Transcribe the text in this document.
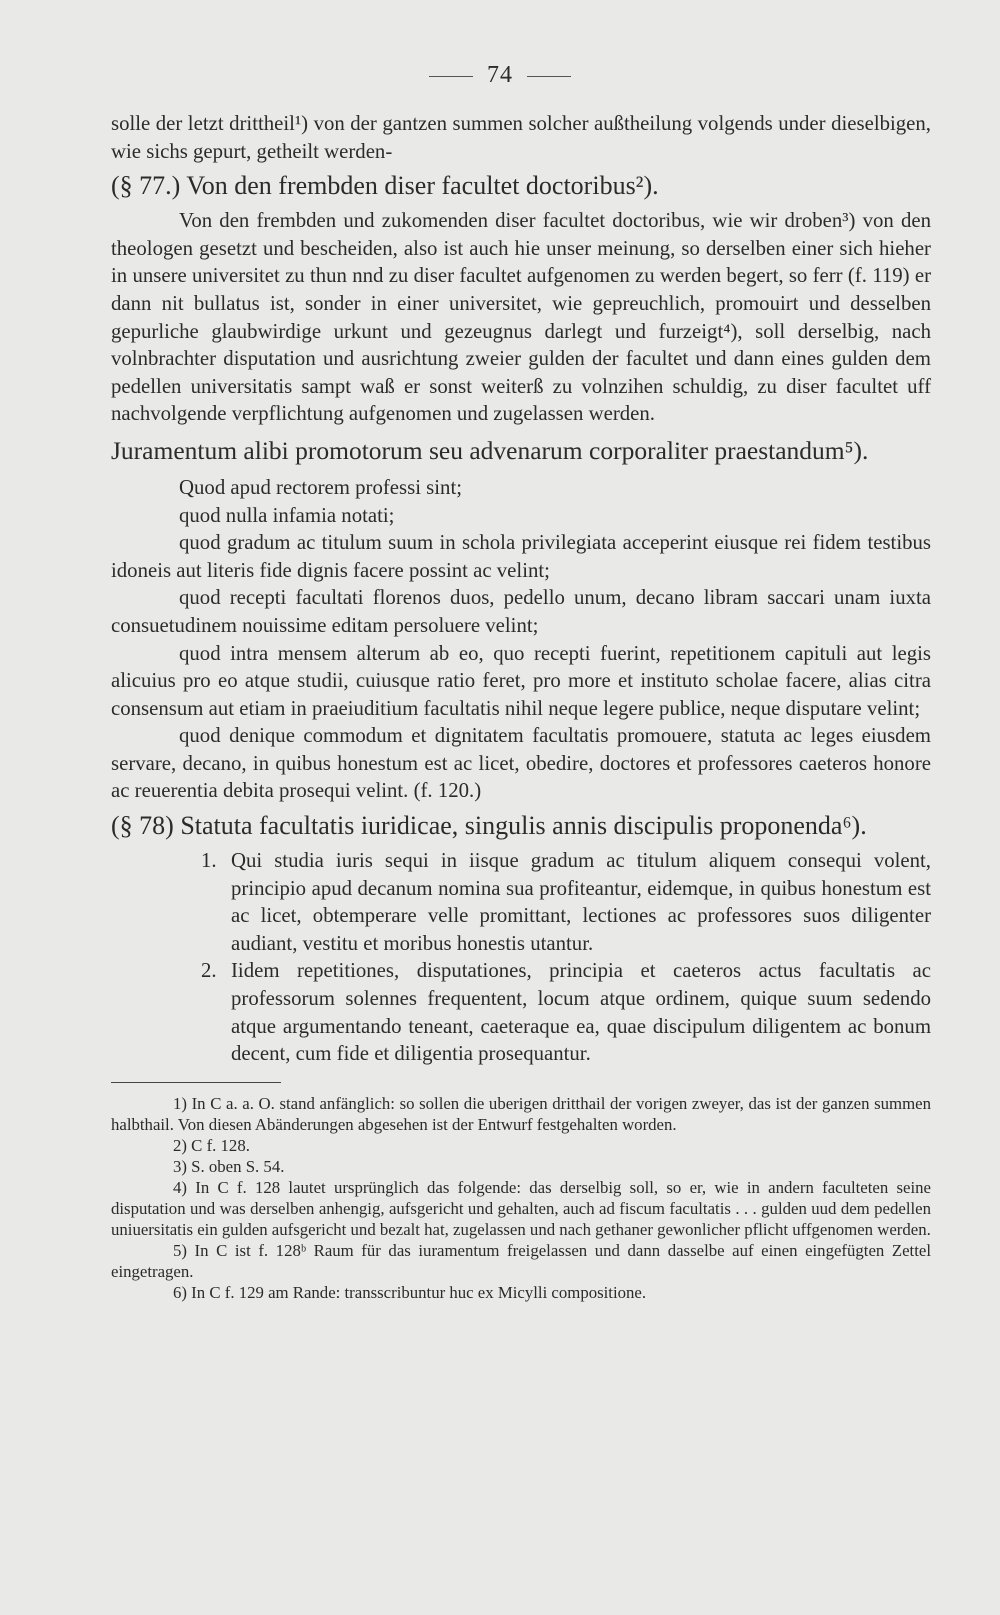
74

solle der letzt drittheil¹) von der gantzen summen solcher außtheilung volgends under dieselbigen, wie sichs gepurt, getheilt werden-

(§ 77.) Von den frembden diser facultet doctoribus²).

Von den frembden und zukomenden diser facultet doctoribus, wie wir droben³) von den theologen gesetzt und bescheiden, also ist auch hie unser meinung, so derselben einer sich hieher in unsere universitet zu thun nnd zu diser facultet aufgenomen zu werden begert, so ferr (f. 119) er dann nit bullatus ist, sonder in einer universitet, wie gepreuchlich, promouirt und desselben gepurliche glaubwirdige urkunt und gezeugnus darlegt und furzeigt⁴), soll derselbig, nach volnbrachter disputation und ausrichtung zweier gulden der facultet und dann eines gulden dem pedellen universitatis sampt waß er sonst weiterß zu volnzihen schuldig, zu diser facultet uff nachvolgende verpflichtung aufgenomen und zugelassen werden.

Juramentum alibi promotorum seu advenarum corporaliter praestandum⁵).

Quod apud rectorem professi sint;

quod nulla infamia notati;

quod gradum ac titulum suum in schola privilegiata acceperint eiusque rei fidem testibus idoneis aut literis fide dignis facere possint ac velint;

quod recepti facultati florenos duos, pedello unum, decano libram saccari unam iuxta consuetudinem nouissime editam persoluere velint;

quod intra mensem alterum ab eo, quo recepti fuerint, repetitionem capituli aut legis alicuius pro eo atque studii, cuiusque ratio feret, pro more et instituto scholae facere, alias citra consensum aut etiam in praeiuditium facultatis nihil neque legere publice, neque disputare velint;

quod denique commodum et dignitatem facultatis promouere, statuta ac leges eiusdem servare, decano, in quibus honestum est ac licet, obedire, doctores et professores caeteros honore ac reuerentia debita prosequi velint. (f. 120.)

(§ 78) Statuta facultatis iuridicae, singulis annis discipulis proponenda⁶).
1. Qui studia iuris sequi in iisque gradum ac titulum aliquem consequi volent, principio apud decanum nomina sua profiteantur, eidemque, in quibus honestum est ac licet, obtemperare velle promittant, lectiones ac professores suos diligenter audiant, vestitu et moribus honestis utantur.
2. Iidem repetitiones, disputationes, principia et caeteros actus facultatis ac professorum solennes frequentent, locum atque ordinem, quique suum sedendo atque argumentando teneant, caeteraque ea, quae discipulum diligentem ac bonum decent, cum fide et diligentia prosequantur.
1) In C a. a. O. stand anfänglich: so sollen die uberigen dritthail der vorigen zweyer, das ist der ganzen summen halbthail. Von diesen Abänderungen abgesehen ist der Entwurf festgehalten worden.
2) C f. 128.
3) S. oben S. 54.
4) In C f. 128 lautet ursprünglich das folgende: das derselbig soll, so er, wie in andern faculteten seine disputation und was derselben anhengig, aufsgericht und gehalten, auch ad fiscum facultatis . . . gulden uud dem pedellen uniuersitatis ein gulden aufsgericht und bezalt hat, zugelassen und nach gethaner gewonlicher pflicht uffgenomen werden.
5) In C ist f. 128ᵇ Raum für das iuramentum freigelassen und dann dasselbe auf einen eingefügten Zettel eingetragen.
6) In C f. 129 am Rande: transscribuntur huc ex Micylli compositione.
